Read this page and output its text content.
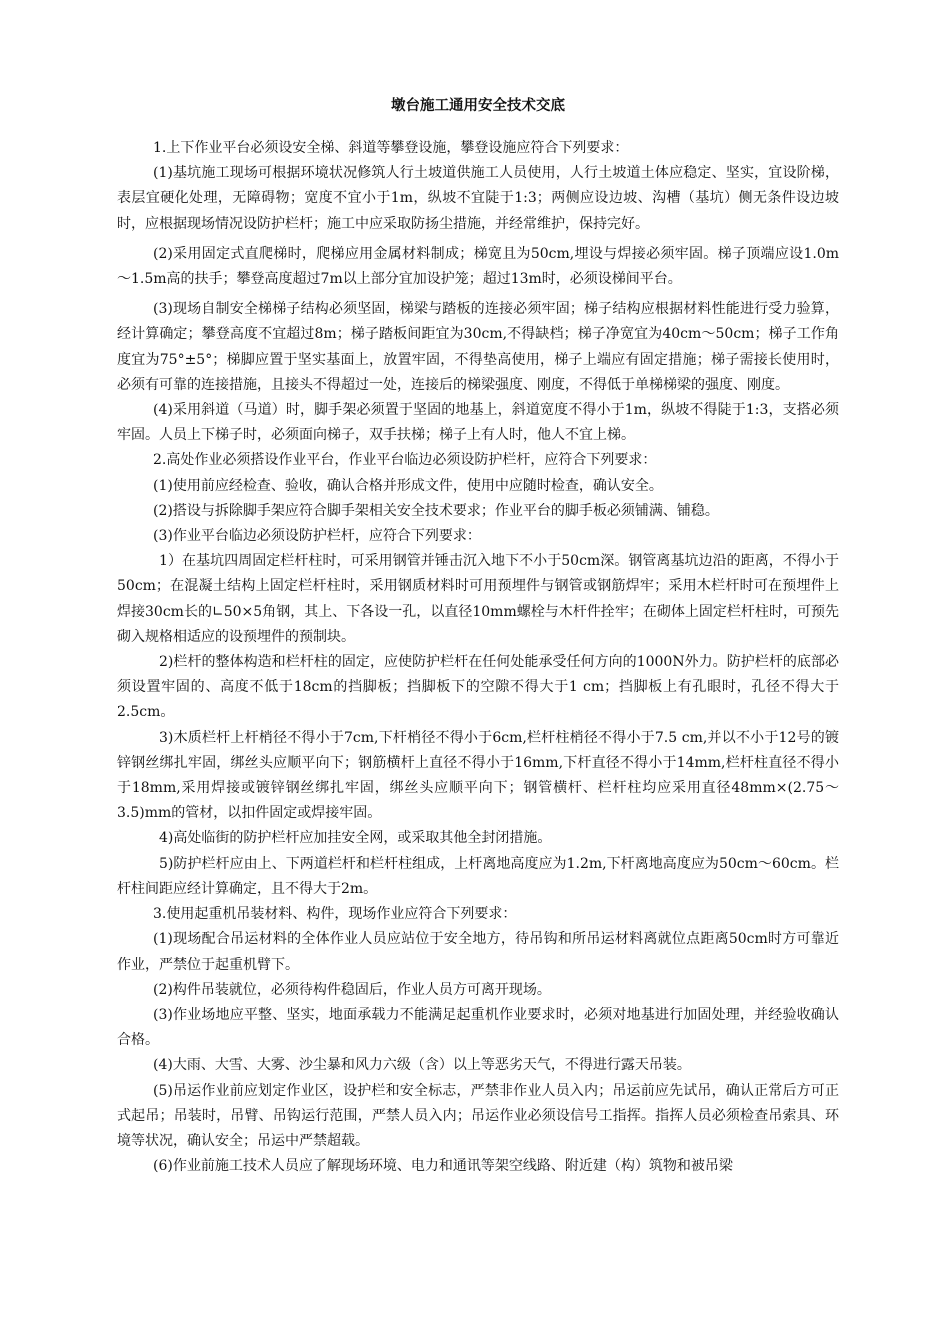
墩台施工通用安全技术交底

1.上下作业平台必须设安全梯、斜道等攀登设施，攀登设施应符合下列要求：

(1)基坑施工现场可根据环境状况修筑人行土坡道供施工人员使用，人行土坡道土体应稳定、坚实，宜设阶梯，表层宜硬化处理，无障碍物；宽度不宜小于1m，纵坡不宜陡于1:3；两侧应设边坡、沟槽（基坑）侧无条件设边坡时，应根据现场情况设防护栏杆；施工中应采取防扬尘措施，并经常维护，保持完好。

(2)采用固定式直爬梯时，爬梯应用金属材料制成；梯宽且为50cm,埋设与焊接必须牢固。梯子顶端应设1.0m～1.5m高的扶手；攀登高度超过7m以上部分宜加设护笼；超过13m时，必须设梯间平台。

(3)现场自制安全梯梯子结构必须坚固，梯梁与踏板的连接必须牢固；梯子结构应根据材料性能进行受力验算，经计算确定；攀登高度不宜超过8m；梯子踏板间距宜为30cm,不得缺档；梯子净宽宜为40cm～50cm；梯子工作角度宜为75°±5°；梯脚应置于坚实基面上，放置牢固，不得垫高使用，梯子上端应有固定措施；梯子需接长使用时，必须有可靠的连接措施，且接头不得超过一处，连接后的梯梁强度、刚度，不得低于单梯梯梁的强度、刚度。

(4)采用斜道（马道）时，脚手架必须置于坚固的地基上，斜道宽度不得小于1m，纵坡不得陡于1:3，支搭必须牢固。人员上下梯子时，必须面向梯子，双手扶梯；梯子上有人时，他人不宜上梯。

2.高处作业必须搭设作业平台，作业平台临边必须设防护栏杆，应符合下列要求：

(1)使用前应经检查、验收，确认合格并形成文件，使用中应随时检查，确认安全。

(2)搭设与拆除脚手架应符合脚手架相关安全技术要求；作业平台的脚手板必须铺满、铺稳。

(3)作业平台临边必须设防护栏杆，应符合下列要求：

1）在基坑四周固定栏杆柱时，可采用钢管并锤击沉入地下不小于50cm深。钢管离基坑边沿的距离，不得小于50cm；在混凝土结构上固定栏杆柱时，采用钢质材料时可用预埋件与钢管或钢筋焊牢；采用木栏杆时可在预埋件上焊接30cm长的∟50×5角钢，其上、下各设一孔，以直径10mm螺栓与木杆件拴牢；在砌体上固定栏杆柱时，可预先砌入规格相适应的设预埋件的预制块。

2)栏杆的整体构造和栏杆柱的固定，应使防护栏杆在任何处能承受任何方向的1000N外力。防护栏杆的底部必须设置牢固的、高度不低于18cm的挡脚板；挡脚板下的空隙不得大于1 cm；挡脚板上有孔眼时，孔径不得大于2.5cm。

3)木质栏杆上杆梢径不得小于7cm,下杆梢径不得小于6cm,栏杆柱梢径不得小于7.5 cm,并以不小于12号的镀锌钢丝绑扎牢固，绑丝头应顺平向下；钢筋横杆上直径不得小于16mm,下杆直径不得小于14mm,栏杆柱直径不得小于18mm,采用焊接或镀锌钢丝绑扎牢固，绑丝头应顺平向下；钢管横杆、栏杆柱均应采用直径48mm×(2.75～3.5)mm的管材，以扣件固定或焊接牢固。

4)高处临街的防护栏杆应加挂安全网，或采取其他全封闭措施。

5)防护栏杆应由上、下两道栏杆和栏杆柱组成，上杆离地高度应为1.2m,下杆离地高度应为50cm～60cm。栏杆柱间距应经计算确定，且不得大于2m。

3.使用起重机吊装材料、构件，现场作业应符合下列要求：

(1)现场配合吊运材料的全体作业人员应站位于安全地方，待吊钩和所吊运材料离就位点距离50cm时方可靠近作业，严禁位于起重机臂下。

(2)构件吊装就位，必须待构件稳固后，作业人员方可离开现场。

(3)作业场地应平整、坚实，地面承载力不能满足起重机作业要求时，必须对地基进行加固处理，并经验收确认合格。

(4)大雨、大雪、大雾、沙尘暴和风力六级（含）以上等恶劣天气，不得进行露天吊装。

(5)吊运作业前应划定作业区，设护栏和安全标志，严禁非作业人员入内；吊运前应先试吊，确认正常后方可正式起吊；吊装时，吊臂、吊钩运行范围，严禁人员入内；吊运作业必须设信号工指挥。指挥人员必须检查吊索具、环境等状况，确认安全；吊运中严禁超载。

(6)作业前施工技术人员应了解现场环境、电力和通讯等架空线路、附近建（构）筑物和被吊梁
